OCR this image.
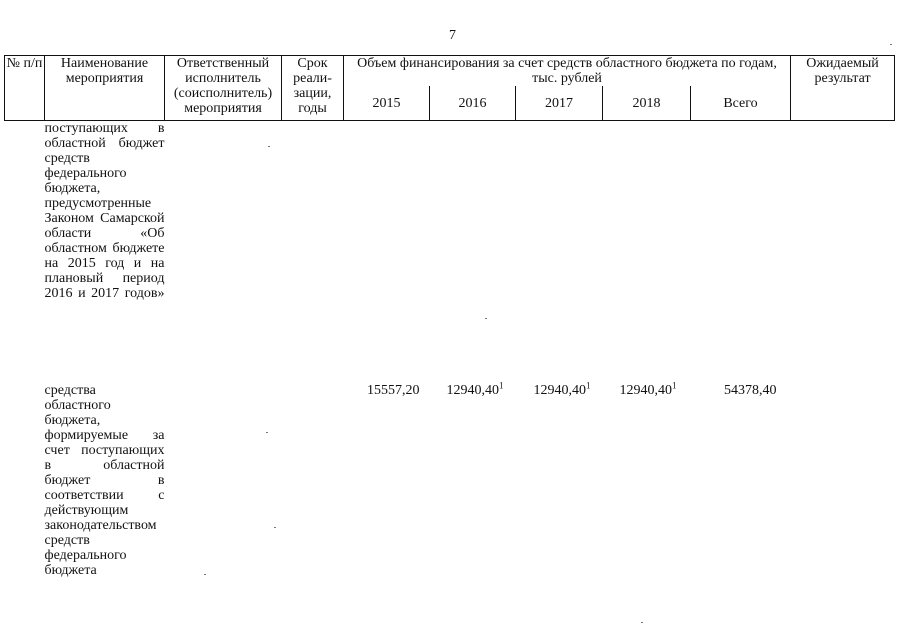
7
№ п/п	Наименование мероприятия	Ответственный исполнитель (соисполнитель) мероприятия	Срок реали- зации, годы	Объем финансирования за счет средств областного бюджета по годам, тыс. рублей					Ожидаемый результат
				2015	2016	2017	2018	Всего	

	поступающих в областной бюджет средств федерального бюджета, предусмотренные Законом Самарской области «Об областном бюджете на 2015 год и на плановый период 2016 и 2017 годов»								

	средства областного бюджета, формируемые за счет поступающих в областной бюджет в соответствии с действующим законодательством средств федерального бюджета			15557,20	12940,40$^1$	12940,40$^1$	12940,40$^1$	54378,40	
